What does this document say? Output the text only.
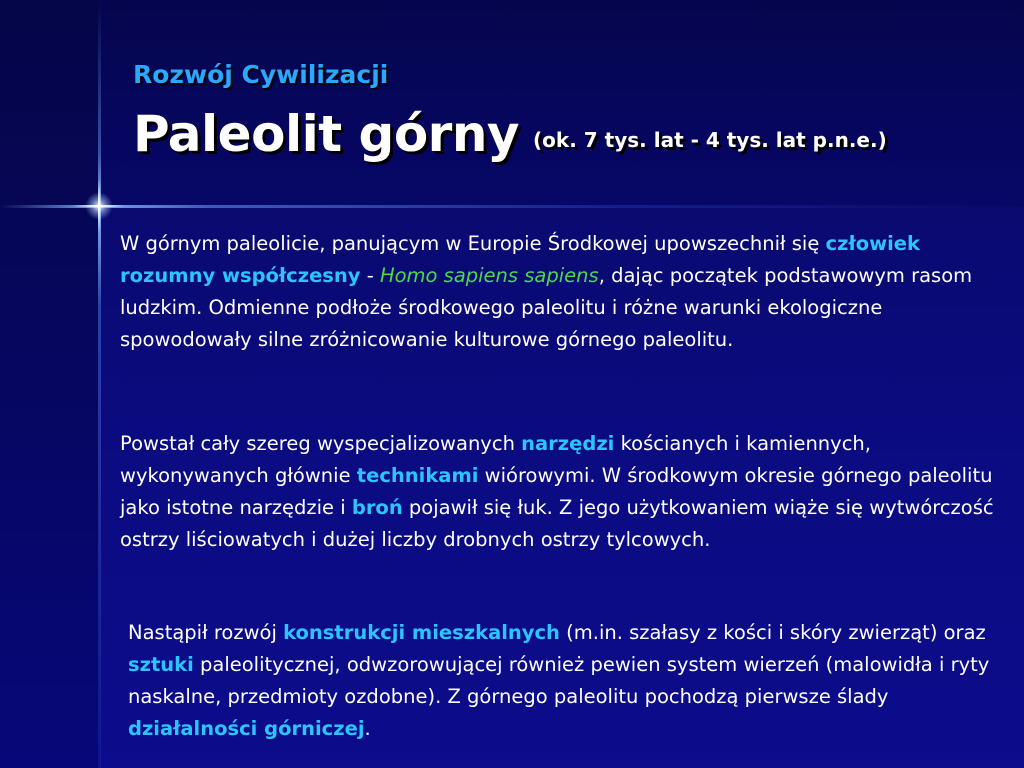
Rozwój Cywilizacji
Paleolit górny (ok. 7 tys. lat - 4 tys. lat p.n.e.)
W górnym paleolicie, panującym w Europie Środkowej upowszechnił się człowiek rozumny współczesny - Homo sapiens sapiens, dając początek podstawowym rasom ludzkim. Odmienne podłoże środkowego paleolitu i różne warunki ekologiczne spowodowały silne zróżnicowanie kulturowe górnego paleolitu.
Powstał cały szereg wyspecjalizowanych narzędzi kościanych i kamiennych, wykonywanych głównie technikami wiórowymi. W środkowym okresie górnego paleolitu jako istotne narzędzie i broń pojawił się łuk. Z jego użytkowaniem wiąże się wytwórczość ostrzy liściowatych i dużej liczby drobnych ostrzy tylcowych.
Nastąpił rozwój konstrukcji mieszkalnych (m.in. szałasy z kości i skóry zwierząt) oraz sztuki paleolitycznej, odwzorowującej również pewien system wierzeń (malowidła i ryty naskalne, przedmioty ozdobne). Z górnego paleolitu pochodzą pierwsze ślady działalności górniczej.
